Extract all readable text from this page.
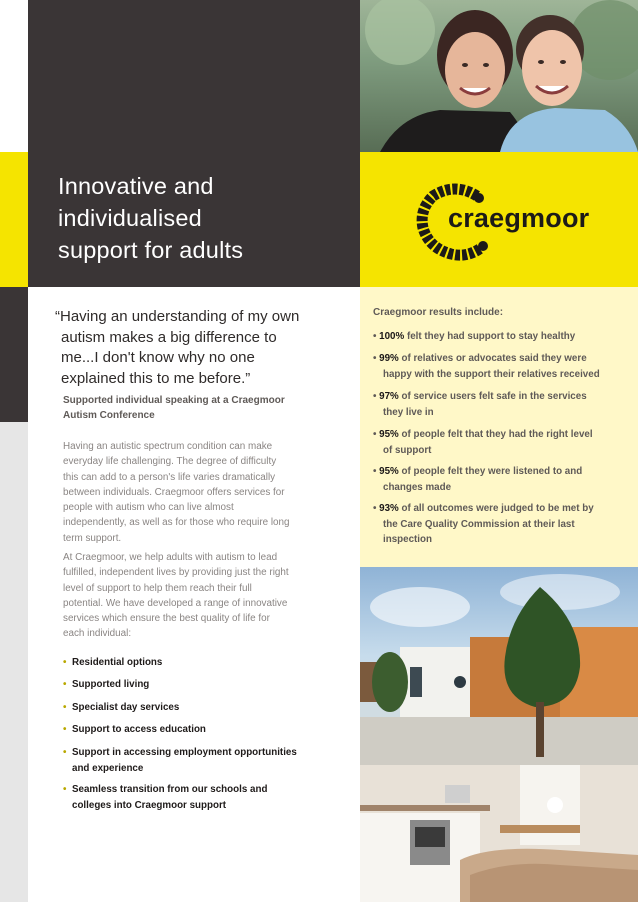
Innovative and
individualised
support for adults
craegmoor
“Having an understanding of my own
autism makes a big difference to
me...I don't know why no one
explained this to me before.”
Supported individual speaking at a Craegmoor
Autism Conference
Having an autistic spectrum condition can make
everyday life challenging. The degree of difficulty
this can add to a person's life varies dramatically
between individuals. Craegmoor offers services for
people with autism who can live almost
independently, as well as for those who require long
term support.
At Craegmoor, we help adults with autism to lead
fulfilled, independent lives by providing just the right
level of support to help them reach their full
potential. We have developed a range of innovative
services which ensure the best quality of life for
each individual:
• Residential options
• Supported living
• Specialist day services
• Support to access education
• Support in accessing employment opportunities
and experience
• Seamless transition from our schools and
colleges into Craegmoor support
Craegmoor results include:
• 100% felt they had support to stay healthy
• 99% of relatives or advocates said they were
happy with the support their relatives received
• 97% of service users felt safe in the services
they live in
• 95% of people felt that they had the right level
of support
• 95% of people felt they were listened to and
changes made
• 93% of all outcomes were judged to be met by
the Care Quality Commission at their last
inspection
